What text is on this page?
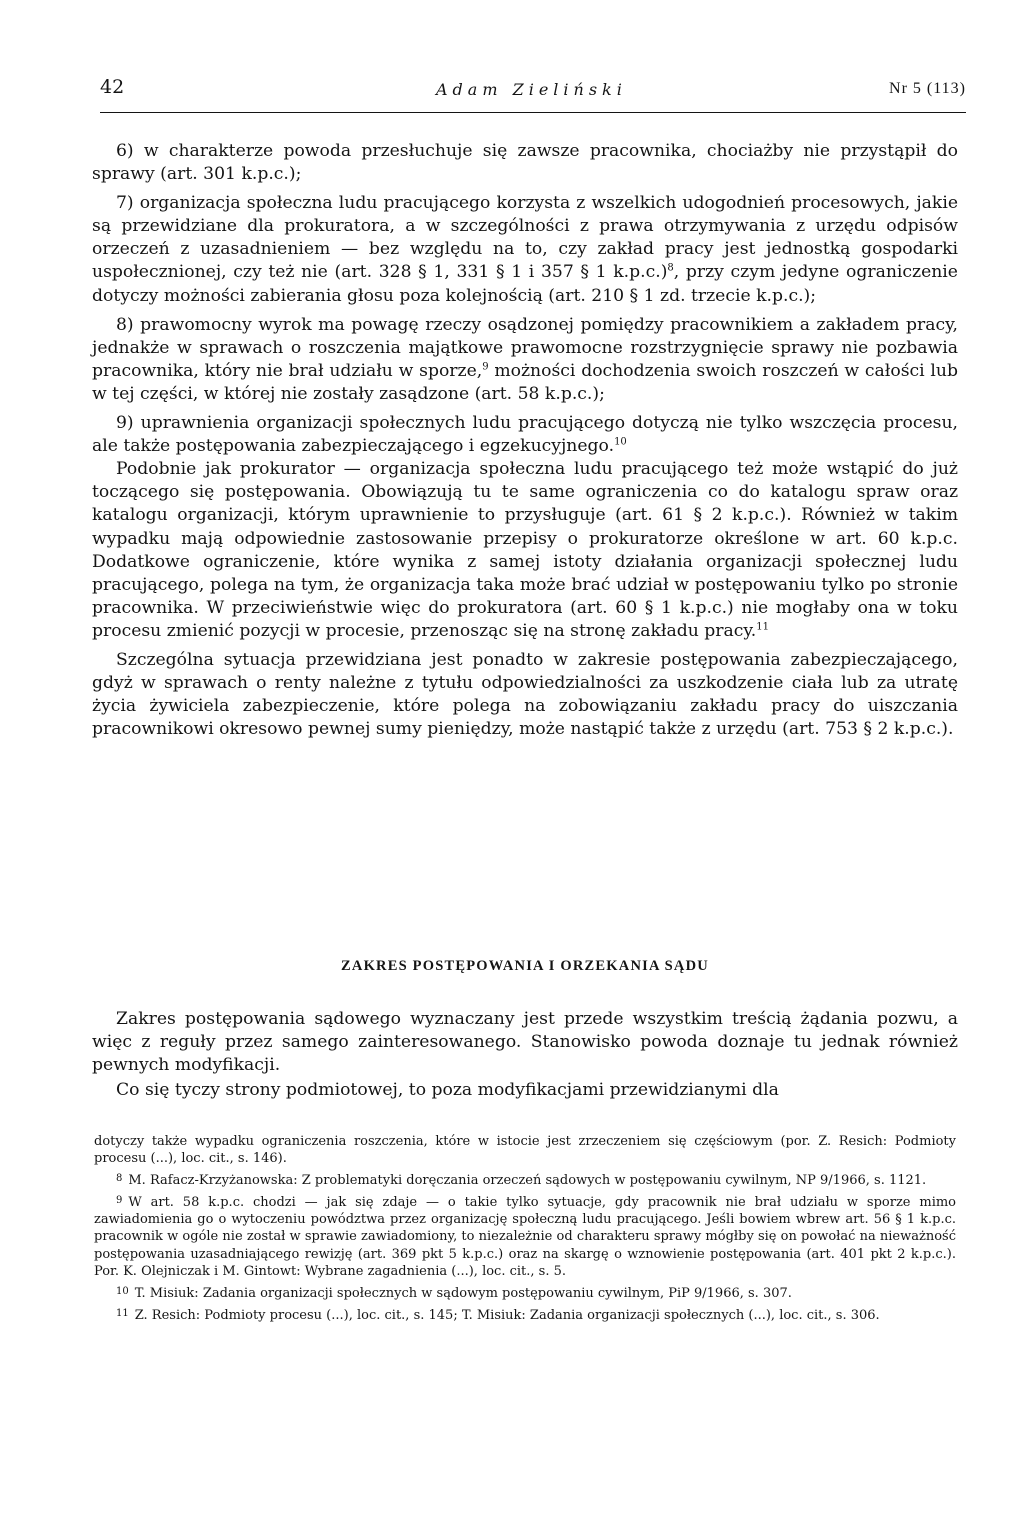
42	Adam Zieliński	Nr 5 (113)

6) w charakterze powoda przesłuchuje się zawsze pracownika, chociażby nie przystąpił do sprawy (art. 301 k.p.c.);

7) organizacja społeczna ludu pracującego korzysta z wszelkich udogodnień procesowych, jakie są przewidziane dla prokuratora, a w szczególności z prawa otrzymywania z urzędu odpisów orzeczeń z uzasadnieniem — bez względu na to, czy zakład pracy jest jednostką gospodarki uspołecznionej, czy też nie (art. 328 § 1, 331 § 1 i 357 § 1 k.p.c.)$^8$, przy czym jedyne ograniczenie dotyczy możności zabierania głosu poza kolejnością (art. 210 § 1 zd. trzecie k.p.c.);

8) prawomocny wyrok ma powagę rzeczy osądzonej pomiędzy pracownikiem a zakładem pracy, jednakże w sprawach o roszczenia majątkowe prawomocne rozstrzygnięcie sprawy nie pozbawia pracownika, który nie brał udziału w sporze,$^9$ możności dochodzenia swoich roszczeń w całości lub w tej części, w której nie zostały zasądzone (art. 58 k.p.c.);

9) uprawnienia organizacji społecznych ludu pracującego dotyczą nie tylko wszczęcia procesu, ale także postępowania zabezpieczającego i egzekucyjnego.$^{10}$

Podobnie jak prokurator — organizacja społeczna ludu pracującego też może wstąpić do już toczącego się postępowania. Obowiązują tu te same ograniczenia co do katalogu spraw oraz katalogu organizacji, którym uprawnienie to przysługuje (art. 61 § 2 k.p.c.). Również w takim wypadku mają odpowiednie zastosowanie przepisy o prokuratorze określone w art. 60 k.p.c. Dodatkowe ograniczenie, które wynika z samej istoty działania organizacji społecznej ludu pracującego, polega na tym, że organizacja taka może brać udział w postępowaniu tylko po stronie pracownika. W przeciwieństwie więc do prokuratora (art. 60 § 1 k.p.c.) nie mogłaby ona w toku procesu zmienić pozycji w procesie, przenosząc się na stronę zakładu pracy.$^{11}$

Szczególna sytuacja przewidziana jest ponadto w zakresie postępowania zabezpieczającego, gdyż w sprawach o renty należne z tytułu odpowiedzialności za uszkodzenie ciała lub za utratę życia żywiciela zabezpieczenie, które polega na zobowiązaniu zakładu pracy do uiszczania pracownikowi okresowo pewnej sumy pieniędzy, może nastąpić także z urzędu (art. 753 § 2 k.p.c.).

ZAKRES POSTĘPOWANIA I ORZEKANIA SĄDU

Zakres postępowania sądowego wyznaczany jest przede wszystkim treścią żądania pozwu, a więc z reguły przez samego zainteresowanego. Stanowisko powoda doznaje tu jednak również pewnych modyfikacji.

Co się tyczy strony podmiotowej, to poza modyfikacjami przewidzianymi dla

dotyczy także wypadku ograniczenia roszczenia, które w istocie jest zrzeczeniem się częściowym (por. Z. Resich: Podmioty procesu (...), loc. cit., s. 146).

$^8$ M. Rafacz-Krzyżanowska: Z problematyki doręczania orzeczeń sądowych w postępowaniu cywilnym, NP 9/1966, s. 1121.

$^9$ W art. 58 k.p.c. chodzi — jak się zdaje — o takie tylko sytuacje, gdy pracownik nie brał udziału w sporze mimo zawiadomienia go o wytoczeniu powództwa przez organizację społeczną ludu pracującego. Jeśli bowiem wbrew art. 56 § 1 k.p.c. pracownik w ogóle nie został w sprawie zawiadomiony, to niezależnie od charakteru sprawy mógłby się on powołać na nieważność postępowania uzasadniającego rewizję (art. 369 pkt 5 k.p.c.) oraz na skargę o wznowienie postępowania (art. 401 pkt 2 k.p.c.). Por. K. Olejniczak i M. Gintowt: Wybrane zagadnienia (...), loc. cit., s. 5.

$^{10}$ T. Misiuk: Zadania organizacji społecznych w sądowym postępowaniu cywilnym, PiP 9/1966, s. 307.

$^{11}$ Z. Resich: Podmioty procesu (...), loc. cit., s. 145; T. Misiuk: Zadania organizacji społecznych (...), loc. cit., s. 306.
